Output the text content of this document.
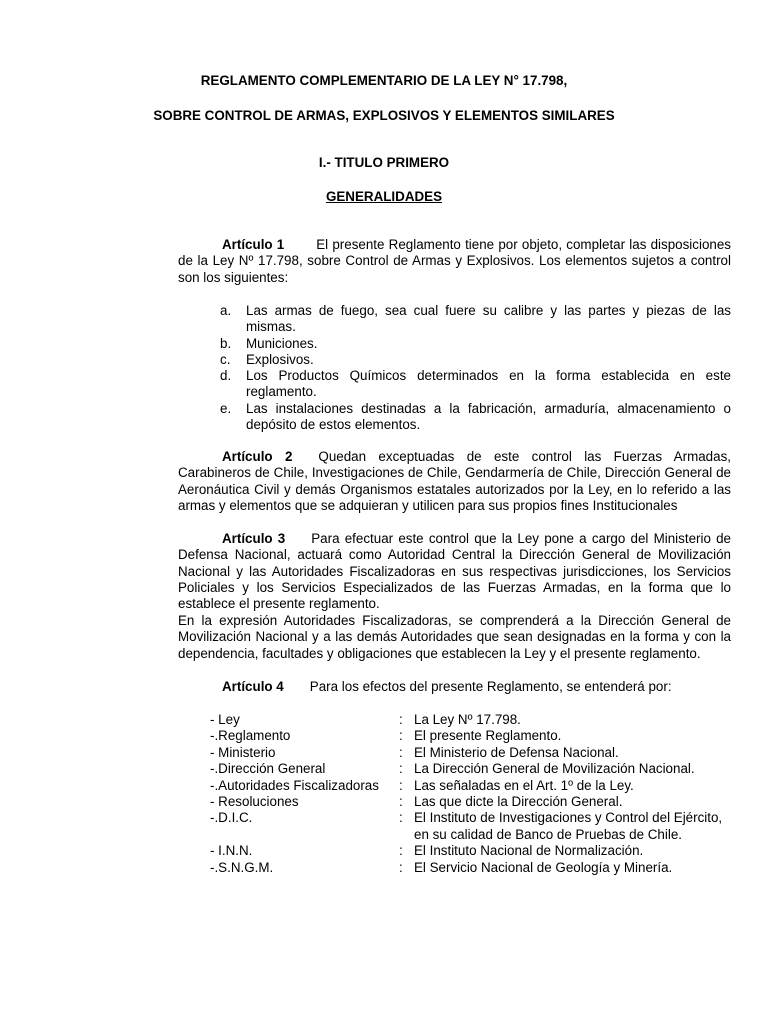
REGLAMENTO COMPLEMENTARIO DE LA LEY N° 17.798,
SOBRE CONTROL DE ARMAS, EXPLOSIVOS Y ELEMENTOS SIMILARES
I.- TITULO PRIMERO
GENERALIDADES

Artículo 1 El presente Reglamento tiene por objeto, completar las disposiciones de la Ley Nº 17.798, sobre Control de Armas y Explosivos. Los elementos sujetos a control son los siguientes:

a. Las armas de fuego, sea cual fuere su calibre y las partes y piezas de las mismas.
b. Municiones.
c. Explosivos.
d. Los Productos Químicos determinados en la forma establecida en este reglamento.
e. Las instalaciones destinadas a la fabricación, armaduría, almacenamiento o depósito de estos elementos.

Artículo 2 Quedan exceptuadas de este control las Fuerzas Armadas, Carabineros de Chile, Investigaciones de Chile, Gendarmería de Chile, Dirección General de Aeronáutica Civil y demás Organismos estatales autorizados por la Ley, en lo referido a las armas y elementos que se adquieran y utilicen para sus propios fines Institucionales

Artículo 3 Para efectuar este control que la Ley pone a cargo del Ministerio de Defensa Nacional, actuará como Autoridad Central la Dirección General de Movilización Nacional y las Autoridades Fiscalizadoras en sus respectivas jurisdicciones, los Servicios Policiales y los Servicios Especializados de las Fuerzas Armadas, en la forma que lo establece el presente reglamento.

En la expresión Autoridades Fiscalizadoras, se comprenderá a la Dirección General de Movilización Nacional y a las demás Autoridades que sean designadas en la forma y con la dependencia, facultades y obligaciones que establecen la Ley y el presente reglamento.

Artículo 4 Para los efectos del presente Reglamento, se entenderá por:

- Ley	: La Ley Nº 17.798.
-.Reglamento	: El presente Reglamento.
- Ministerio	: El Ministerio de Defensa Nacional.
-.Dirección General	: La Dirección General de Movilización Nacional.
-.Autoridades Fiscalizadoras : Las señaladas en el Art. 1º de la Ley.
- Resoluciones	: Las que dicte la Dirección General.
-.D.I.C.	: El Instituto de Investigaciones y Control del Ejército, en su calidad de Banco de Pruebas de Chile.
- I.N.N.	: El Instituto Nacional de Normalización.
-.S.N.G.M.	: El Servicio Nacional de Geología y Minería.
